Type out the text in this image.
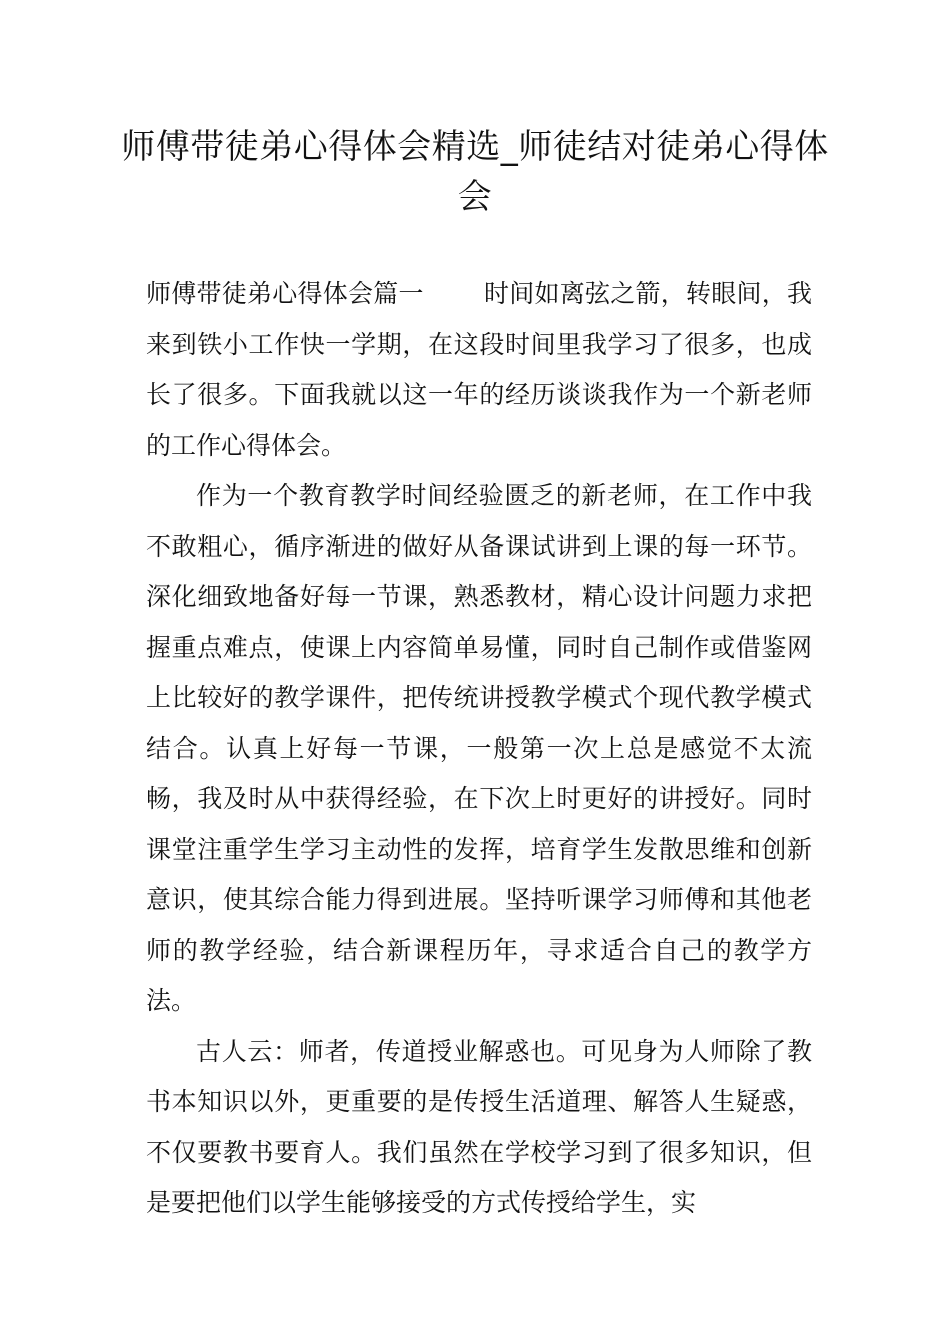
师傅带徒弟心得体会精选_师徒结对徒弟心得体会

师傅带徒弟心得体会篇一 时间如离弦之箭，转眼间，我来到铁小工作快一学期，在这段时间里我学习了很多，也成长了很多。下面我就以这一年的经历谈谈我作为一个新老师的工作心得体会。

作为一个教育教学时间经验匮乏的新老师，在工作中我不敢粗心，循序渐进的做好从备课试讲到上课的每一环节。深化细致地备好每一节课，熟悉教材，精心设计问题力求把握重点难点，使课上内容简单易懂，同时自己制作或借鉴网上比较好的教学课件，把传统讲授教学模式个现代教学模式结合。认真上好每一节课，一般第一次上总是感觉不太流畅，我及时从中获得经验，在下次上时更好的讲授好。同时课堂注重学生学习主动性的发挥，培育学生发散思维和创新意识，使其综合能力得到进展。坚持听课学习师傅和其他老师的教学经验，结合新课程历年，寻求适合自己的教学方法。

古人云：师者，传道授业解惑也。可见身为人师除了教书本知识以外，更重要的是传授生活道理、解答人生疑惑，不仅要教书要育人。我们虽然在学校学习到了很多知识，但是要把他们以学生能够接受的方式传授给学生，实
